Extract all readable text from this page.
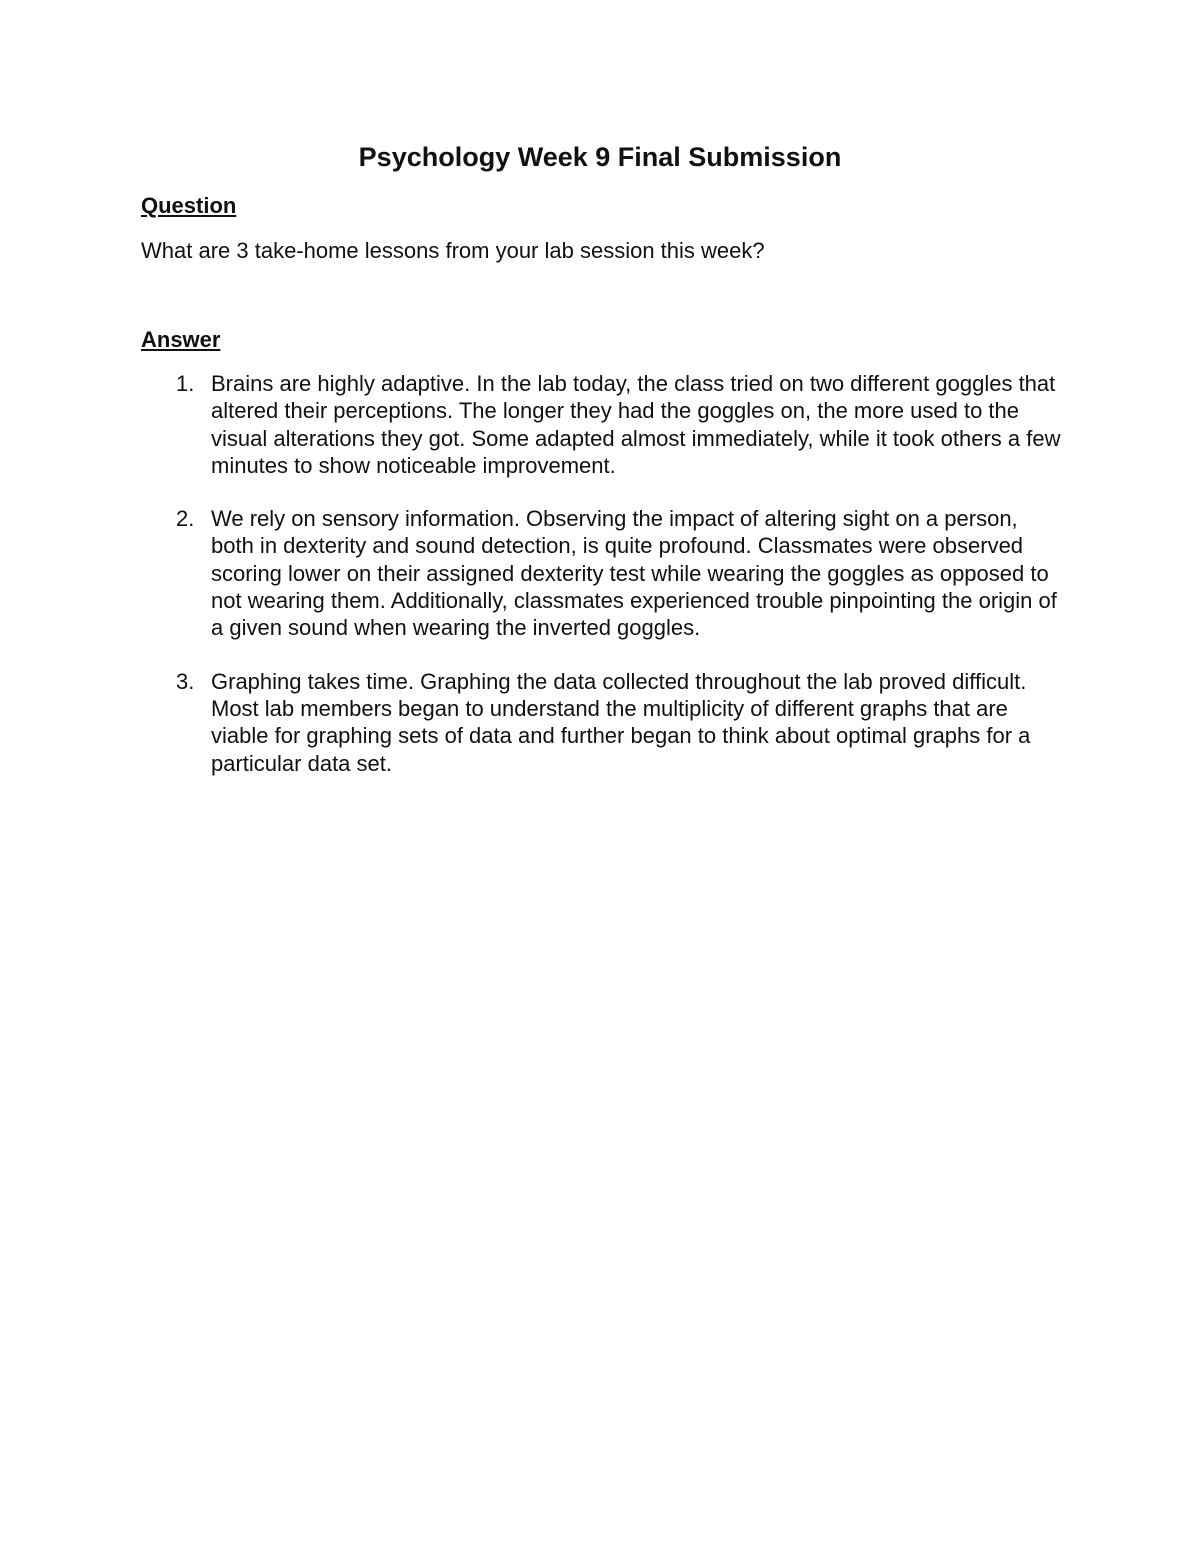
Psychology Week 9 Final Submission
Question

What are 3 take-home lessons from your lab session this week?

Answer
1. Brains are highly adaptive. In the lab today, the class tried on two different goggles that altered their perceptions. The longer they had the goggles on, the more used to the visual alterations they got. Some adapted almost immediately, while it took others a few minutes to show noticeable improvement.
2. We rely on sensory information. Observing the impact of altering sight on a person, both in dexterity and sound detection, is quite profound. Classmates were observed scoring lower on their assigned dexterity test while wearing the goggles as opposed to not wearing them. Additionally, classmates experienced trouble pinpointing the origin of a given sound when wearing the inverted goggles.
3. Graphing takes time. Graphing the data collected throughout the lab proved difficult. Most lab members began to understand the multiplicity of different graphs that are viable for graphing sets of data and further began to think about optimal graphs for a particular data set.
